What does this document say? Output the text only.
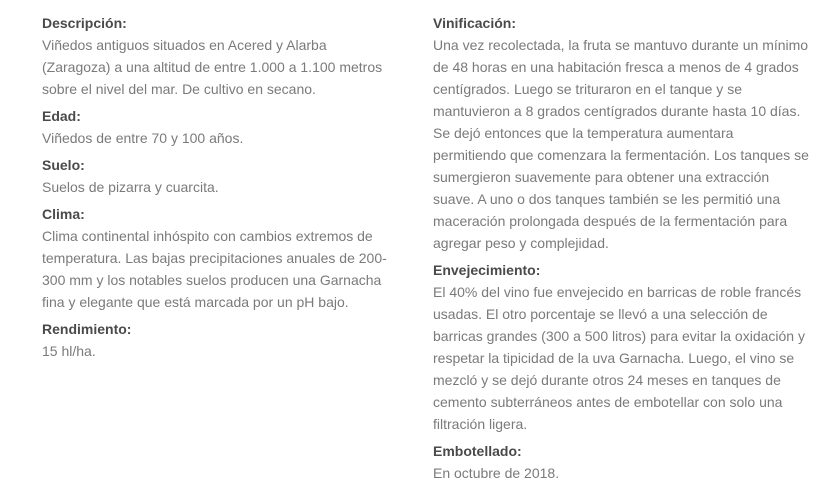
Descripción:

Viñedos antiguos situados en Acered y Alarba (Zaragoza) a una altitud de entre 1.000 a 1.100 metros sobre el nivel del mar. De cultivo en secano.

Edad:

Viñedos de entre 70 y 100 años.

Suelo:

Suelos de pizarra y cuarcita.

Clima:

Clima continental inhóspito con cambios extremos de temperatura. Las bajas precipitaciones anuales de 200-300 mm y los notables suelos producen una Garnacha fina y elegante que está marcada por un pH bajo.

Rendimiento:

15 hl/ha.

Vinificación:

Una vez recolectada, la fruta se mantuvo durante un mínimo de 48 horas en una habitación fresca a menos de 4 grados centígrados. Luego se trituraron en el tanque y se mantuvieron a 8 grados centígrados durante hasta 10 días. Se dejó entonces que la temperatura aumentara permitiendo que comenzara la fermentación. Los tanques se sumergieron suavemente para obtener una extracción suave. A uno o dos tanques también se les permitió una maceración prolongada después de la fermentación para agregar peso y complejidad.

Envejecimiento:

El 40% del vino fue envejecido en barricas de roble francés usadas. El otro porcentaje se llevó a una selección de barricas grandes (300 a 500 litros) para evitar la oxidación y respetar la tipicidad de la uva Garnacha. Luego, el vino se mezcló y se dejó durante otros 24 meses en tanques de cemento subterráneos antes de embotellar con solo una filtración ligera.

Embotellado:

En octubre de 2018.
